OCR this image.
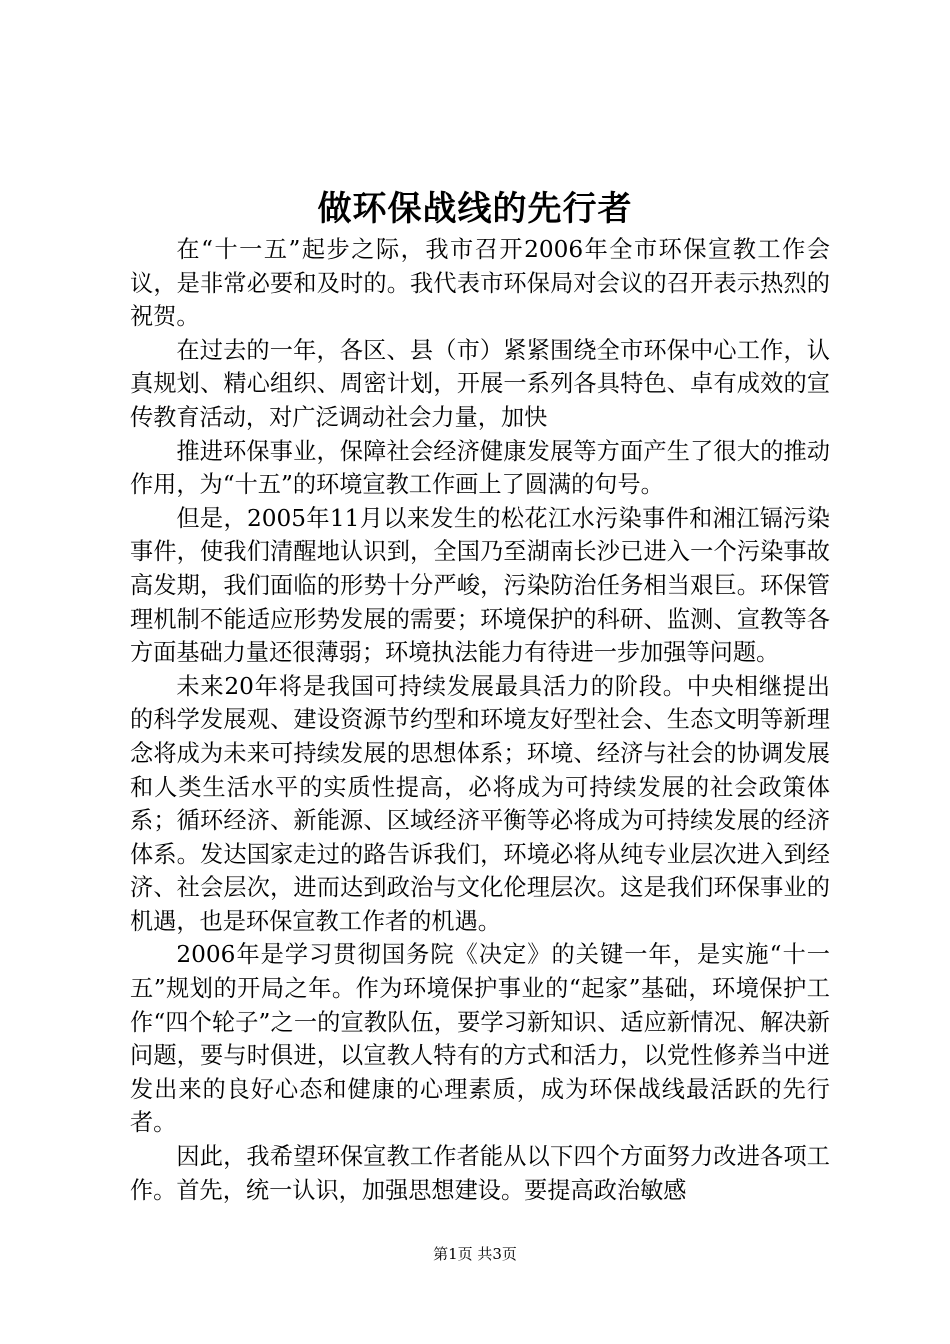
做环保战线的先行者

在“十一五”起步之际，我市召开2006年全市环保宣教工作会议，是非常必要和及时的。我代表市环保局对会议的召开表示热烈的祝贺。

在过去的一年，各区、县（市）紧紧围绕全市环保中心工作，认真规划、精心组织、周密计划，开展一系列各具特色、卓有成效的宣传教育活动，对广泛调动社会力量，加快

推进环保事业，保障社会经济健康发展等方面产生了很大的推动作用，为“十五”的环境宣教工作画上了圆满的句号。

但是，2005年11月以来发生的松花江水污染事件和湘江镉污染事件，使我们清醒地认识到，全国乃至湖南长沙已进入一个污染事故高发期，我们面临的形势十分严峻，污染防治任务相当艰巨。环保管理机制不能适应形势发展的需要；环境保护的科研、监测、宣教等各方面基础力量还很薄弱；环境执法能力有待进一步加强等问题。

未来20年将是我国可持续发展最具活力的阶段。中央相继提出的科学发展观、建设资源节约型和环境友好型社会、生态文明等新理念将成为未来可持续发展的思想体系；环境、经济与社会的协调发展和人类生活水平的实质性提高，必将成为可持续发展的社会政策体系；循环经济、新能源、区域经济平衡等必将成为可持续发展的经济体系。发达国家走过的路告诉我们，环境必将从纯专业层次进入到经济、社会层次，进而达到政治与文化伦理层次。这是我们环保事业的机遇，也是环保宣教工作者的机遇。

2006年是学习贯彻国务院《决定》的关键一年，是实施“十一五”规划的开局之年。作为环境保护事业的“起家”基础，环境保护工作“四个轮子”之一的宣教队伍，要学习新知识、适应新情况、解决新问题，要与时俱进，以宣教人特有的方式和活力，以党性修养当中迸发出来的良好心态和健康的心理素质，成为环保战线最活跃的先行者。

因此，我希望环保宣教工作者能从以下四个方面努力改进各项工作。首先，统一认识，加强思想建设。要提高政治敏感

第1页 共3页
